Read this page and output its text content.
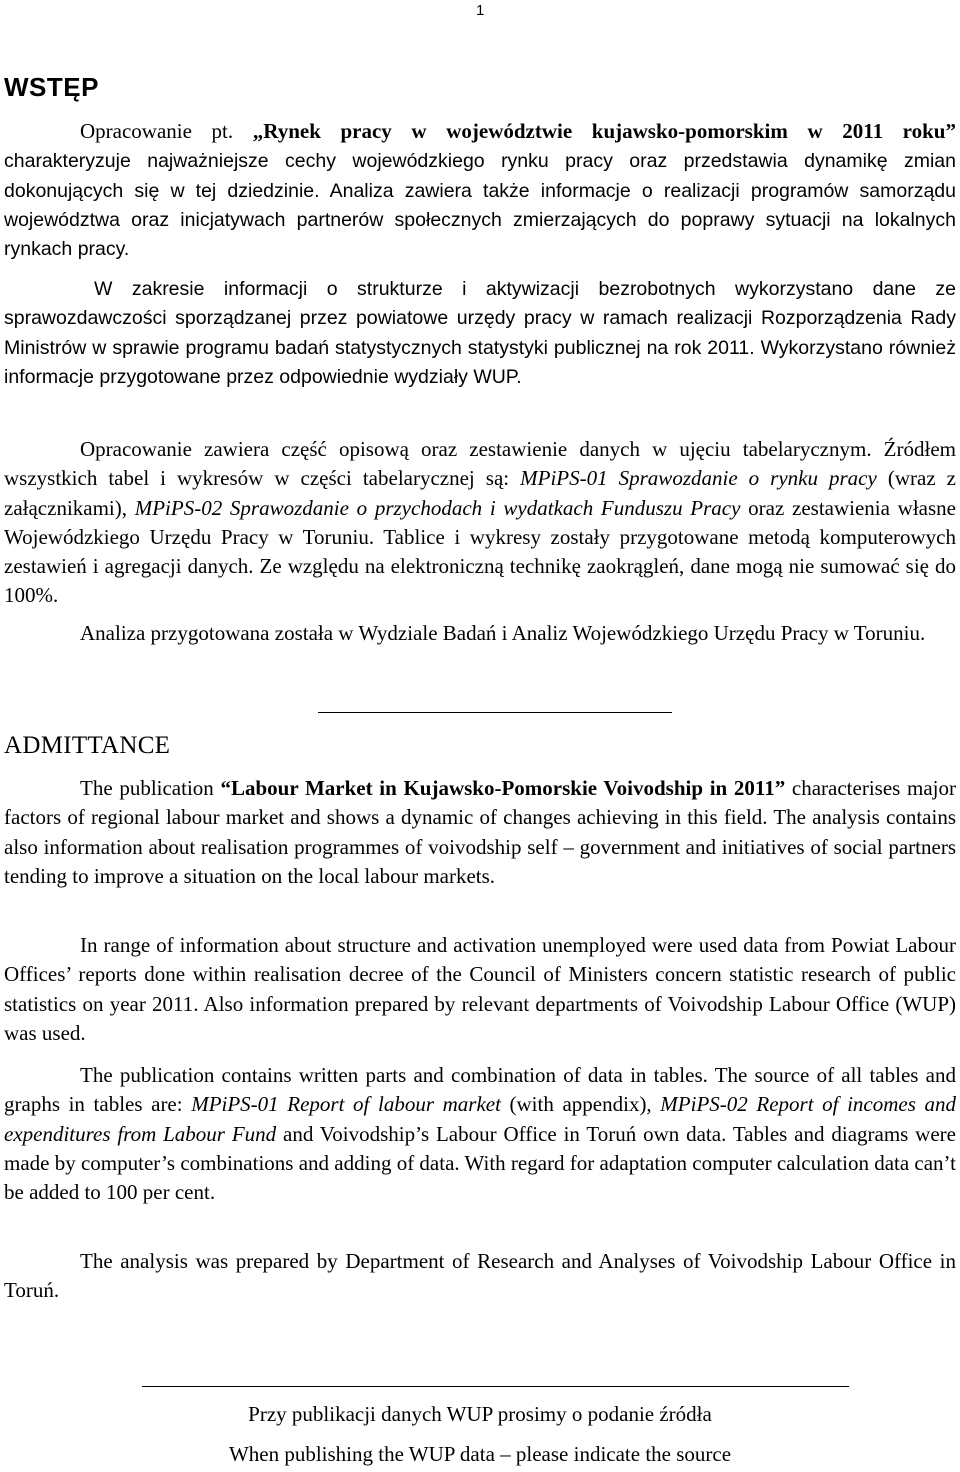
1
WSTĘP

Opracowanie pt. „Rynek pracy w województwie kujawsko-pomorskim w 2011 roku” charakteryzuje najważniejsze cechy wojewódzkiego rynku pracy oraz przedstawia dynamikę zmian dokonujących się w tej dziedzinie. Analiza zawiera także informacje o realizacji programów samorządu województwa oraz inicjatywach partnerów społecznych zmierzających do poprawy sytuacji na lokalnych rynkach pracy.

W zakresie informacji o strukturze i aktywizacji bezrobotnych wykorzystano dane ze sprawozdawczości sporządzanej przez powiatowe urzędy pracy w ramach realizacji Rozporządzenia Rady Ministrów w sprawie programu badań statystycznych statystyki publicznej na rok 2011. Wykorzystano również informacje przygotowane przez odpowiednie wydziały WUP.

Opracowanie zawiera część opisową oraz zestawienie danych w ujęciu tabelarycznym. Źródłem wszystkich tabel i wykresów w części tabelarycznej są: MPiPS-01 Sprawozdanie o rynku pracy (wraz z załącznikami), MPiPS-02 Sprawozdanie o przychodach i wydatkach Funduszu Pracy oraz zestawienia własne Wojewódzkiego Urzędu Pracy w Toruniu. Tablice i wykresy zostały przygotowane metodą komputerowych zestawień i agregacji danych. Ze względu na elektroniczną technikę zaokrągleń, dane mogą nie sumować się do 100%.

Analiza przygotowana została w Wydziale Badań i Analiz Wojewódzkiego Urzędu Pracy w Toruniu.

ADMITTANCE

The publication “Labour Market in Kujawsko-Pomorskie Voivodship in 2011” characterises major factors of regional labour market and shows a dynamic of changes achieving in this field. The analysis contains also information about realisation programmes of voivodship self – government and initiatives of social partners tending to improve a situation on the local labour markets.

In range of information about structure and activation unemployed were used data from Powiat Labour Offices’ reports done within realisation decree of the Council of Ministers concern statistic research of public statistics on year 2011. Also information prepared by relevant departments of Voivodship Labour Office (WUP) was used.

The publication contains written parts and combination of data in tables. The source of all tables and graphs in tables are: MPiPS-01 Report of labour market (with appendix), MPiPS-02 Report of incomes and expenditures from Labour Fund and Voivodship’s Labour Office in Toruń own data. Tables and diagrams were made by computer’s combinations and adding of data. With regard for adaptation computer calculation data can’t be added to 100 per cent.

The analysis was prepared by Department of Research and Analyses of Voivodship Labour Office in Toruń.

Przy publikacji danych WUP prosimy o podanie źródła
When publishing the WUP data – please indicate the source
